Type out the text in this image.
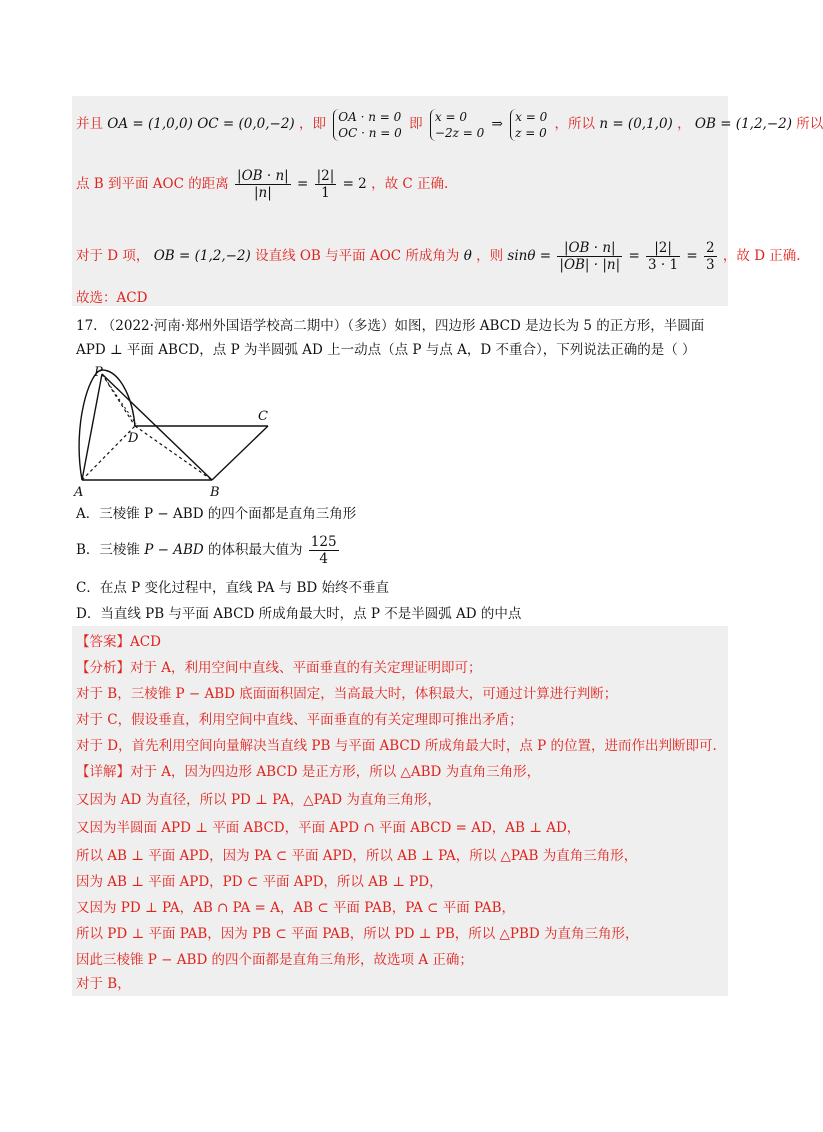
并且 OA = (1,0,0) OC = (0,0,−2) ，即 OA · n = 0
OC · n = 0
即 x = 0
−2z = 0
⇒ x = 0
z = 0
，所以 n = (0,1,0) ， OB = (1,2,−2) 所以
点 B 到平面 AOC 的距离 $\frac{|OB \cdot n|}{|n|} = \frac{|2|}{1} = 2$ ，故 C 正确.
对于 D 项， OB = (1,2,−2) 设直线 OB 与平面 AOC 所成角为 θ ，则 $\sin\theta = \frac{|OB \cdot n|}{|OB| \cdot |n|} = \frac{|2|}{3 \cdot 1} = \frac{2}{3}$ ，故 D 正确.
故选：ACD
17. （2022·河南·郑州外国语学校高二期中）（多选）如图，四边形 ABCD 是边长为 5 的正方形，半圆面
APD ⊥ 平面 ABCD，点 P 为半圆弧 AD 上一动点（点 P 与点 A，D 不重合），下列说法正确的是（ ）
P
C
D
A	B
A．三棱锥 P − ABD 的四个面都是直角三角形
B．三棱锥 P − ABD 的体积最大值为 $\frac{125}{4}$
C．在点 P 变化过程中，直线 PA 与 BD 始终不垂直
D．当直线 PB 与平面 ABCD 所成角最大时，点 P 不是半圆弧 AD 的中点
【答案】ACD
【分析】对于 A，利用空间中直线、平面垂直的有关定理证明即可；
对于 B，三棱锥 P − ABD 底面面积固定，当高最大时，体积最大，可通过计算进行判断；
对于 C，假设垂直，利用空间中直线、平面垂直的有关定理即可推出矛盾；
对于 D，首先利用空间向量解决当直线 PB 与平面 ABCD 所成角最大时，点 P 的位置，进而作出判断即可.
【详解】对于 A，因为四边形 ABCD 是正方形，所以 △ABD 为直角三角形，
又因为 AD 为直径，所以 PD ⊥ PA，△PAD 为直角三角形，
又因为半圆面 APD ⊥ 平面 ABCD，平面 APD ∩ 平面 ABCD = AD，AB ⊥ AD，
所以 AB ⊥ 平面 APD，因为 PA ⊂ 平面 APD，所以 AB ⊥ PA，所以 △PAB 为直角三角形，
因为 AB ⊥ 平面 APD，PD ⊂ 平面 APD，所以 AB ⊥ PD，
又因为 PD ⊥ PA，AB ∩ PA = A，AB ⊂ 平面 PAB，PA ⊂ 平面 PAB，
所以 PD ⊥ 平面 PAB，因为 PB ⊂ 平面 PAB，所以 PD ⊥ PB，所以 △PBD 为直角三角形，
因此三棱锥 P − ABD 的四个面都是直角三角形，故选项 A 正确；
对于 B，
